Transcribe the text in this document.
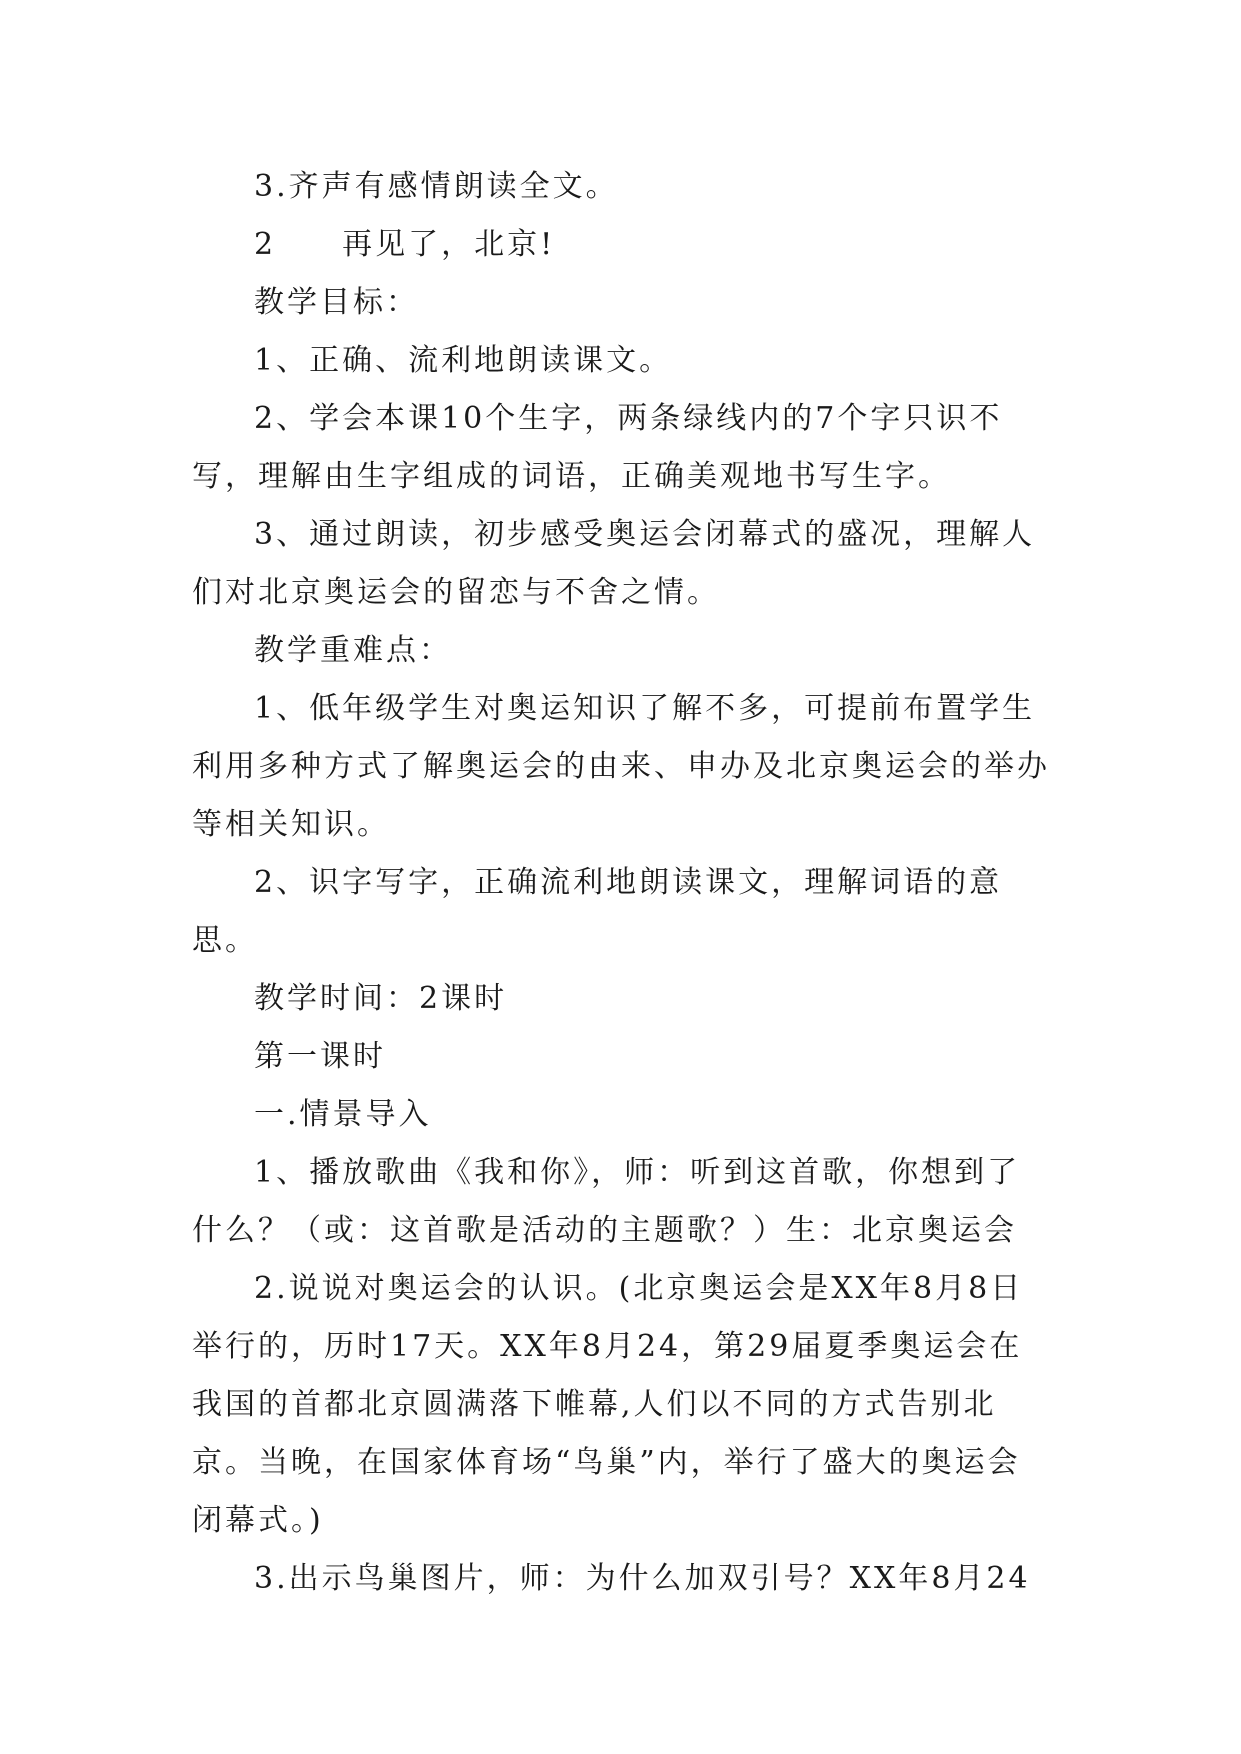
3.齐声有感情朗读全文。

2　　再见了，北京!

教学目标：

1、正确、流利地朗读课文。

2、学会本课10个生字，两条绿线内的7个字只识不写，理解由生字组成的词语，正确美观地书写生字。

3、通过朗读，初步感受奥运会闭幕式的盛况，理解人们对北京奥运会的留恋与不舍之情。

教学重难点：

1、低年级学生对奥运知识了解不多，可提前布置学生利用多种方式了解奥运会的由来、申办及北京奥运会的举办等相关知识。

2、识字写字，正确流利地朗读课文，理解词语的意思。

教学时间：2课时

第一课时

一.情景导入

1、播放歌曲《我和你》，师：听到这首歌，你想到了什么？（或：这首歌是活动的主题歌？）生：北京奥运会

2.说说对奥运会的认识。(北京奥运会是XX年8月8日举行的，历时17天。XX年8月24，第29届夏季奥运会在我国的首都北京圆满落下帷幕,人们以不同的方式告别北京。当晚，在国家体育场“鸟巢”内，举行了盛大的奥运会闭幕式。)

3.出示鸟巢图片，师：为什么加双引号？XX年8月24
